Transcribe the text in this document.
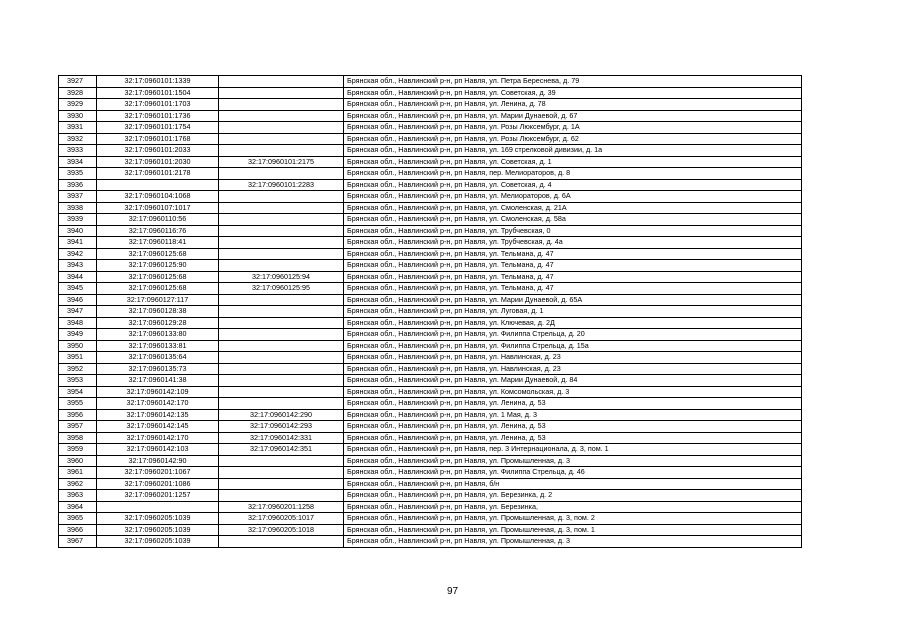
3927	32:17:0960101:1339		Брянская обл., Навлинский р-н, рп Навля, ул. Петра Береснева, д. 79
3928	32:17:0960101:1504		Брянская обл., Навлинский р-н, рп Навля, ул. Советская, д. 39
3929	32:17:0960101:1703		Брянская обл., Навлинский р-н, рп Навля, ул. Ленина, д. 78
3930	32:17:0960101:1736		Брянская обл., Навлинский р-н, рп Навля, ул. Марии Дунаевой, д. 67
3931	32:17:0960101:1754		Брянская обл., Навлинский р-н, рп Навля, ул. Розы Люксембург, д. 1А
3932	32:17:0960101:1768		Брянская обл., Навлинский р-н, рп Навля, ул. Розы Люксембург, д. 62
3933	32:17:0960101:2033		Брянская обл., Навлинский р-н, рп Навля, ул. 169 стрелковой дивизии, д. 1а
3934	32:17:0960101:2030	32:17:0960101:2175	Брянская обл., Навлинский р-н, рп Навля, ул. Советская, д. 1
3935	32:17:0960101:2178		Брянская обл., Навлинский р-н, рп Навля, пер. Мелиораторов, д. 8
3936		32:17:0960101:2283	Брянская обл., Навлинский р-н, рп Навля, ул. Советская, д. 4
3937	32:17:0960104:1068		Брянская обл., Навлинский р-н, рп Навля, ул. Мелиораторов, д. 6А
3938	32:17:0960107:1017		Брянская обл., Навлинский р-н, рп Навля, ул. Смоленская, д. 21А
3939	32:17:0960110:56		Брянская обл., Навлинский р-н, рп Навля, ул. Смоленская, д. 58а
3940	32:17:0960116:76		Брянская обл., Навлинский р-н, рп Навля, ул. Трубчевская, 0
3941	32:17:0960118:41		Брянская обл., Навлинский р-н, рп Навля, ул. Трубчевская, д. 4а
3942	32:17:0960125:68		Брянская обл., Навлинский р-н, рп Навля, ул. Тельмана, д. 47
3943	32:17:0960125:90		Брянская обл., Навлинский р-н, рп Навля, ул. Тельмана, д. 47
3944	32:17:0960125:68	32:17:0960125:94	Брянская обл., Навлинский р-н, рп Навля, ул. Тельмана, д. 47
3945	32:17:0960125:68	32:17:0960125:95	Брянская обл., Навлинский р-н, рп Навля, ул. Тельмана, д. 47
3946	32:17:0960127:117		Брянская обл., Навлинский р-н, рп Навля, ул. Марии Дунаевой, д. 65А
3947	32:17:0960128:38		Брянская обл., Навлинский р-н, рп Навля, ул. Луговая, д. 1
3948	32:17:0960129:28		Брянская обл., Навлинский р-н, рп Навля, ул. Ключевая, д. 2Д
3949	32:17:0960133:80		Брянская обл., Навлинский р-н, рп Навля, ул. Филиппа Стрельца, д. 20
3950	32:17:0960133:81		Брянская обл., Навлинский р-н, рп Навля, ул. Филиппа Стрельца, д. 15а
3951	32:17:0960135:64		Брянская обл., Навлинский р-н, рп Навля, ул. Навлинская, д. 23
3952	32:17:0960135:73		Брянская обл., Навлинский р-н, рп Навля, ул. Навлинская, д. 23
3953	32:17:0960141:38		Брянская обл., Навлинский р-н, рп Навля, ул. Марии Дунаевой, д. 84
3954	32:17:0960142:109		Брянская обл., Навлинский р-н, рп Навля, ул. Комсомольская, д. 3
3955	32:17:0960142:170		Брянская обл., Навлинский р-н, рп Навля, ул. Ленина, д. 53
3956	32:17:0960142:135	32:17:0960142:290	Брянская обл., Навлинский р-н, рп Навля, ул. 1 Мая, д. 3
3957	32:17:0960142:145	32:17:0960142:293	Брянская обл., Навлинский р-н, рп Навля, ул. Ленина, д. 53
3958	32:17:0960142:170	32:17:0960142:331	Брянская обл., Навлинский р-н, рп Навля, ул. Ленина, д. 53
3959	32:17:0960142:103	32:17:0960142:351	Брянская обл., Навлинский р-н, рп Навля, пер. 3 Интернационала, д. 3, пом. 1
3960	32:17:0960142:90		Брянская обл., Навлинский р-н, рп Навля, ул. Промышленная, д. 3
3961	32:17:0960201:1067		Брянская обл., Навлинский р-н, рп Навля, ул. Филиппа Стрельца, д. 46
3962	32:17:0960201:1086		Брянская обл., Навлинский р-н, рп Навля, б/н
3963	32:17:0960201:1257		Брянская обл., Навлинский р-н, рп Навля, ул. Березинка, д. 2
3964		32:17:0960201:1258	Брянская обл., Навлинский р-н, рп Навля, ул. Березинка,
3965	32:17:0960205:1039	32:17:0960205:1017	Брянская обл., Навлинский р-н, рп Навля, ул. Промышленная, д. 3, пом. 2
3966	32:17:0960205:1039	32:17:0960205:1018	Брянская обл., Навлинский р-н, рп Навля, ул. Промышленная, д. 3, пом. 1
3967	32:17:0960205:1039		Брянская обл., Навлинский р-н, рп Навля, ул. Промышленная, д. 3
97
